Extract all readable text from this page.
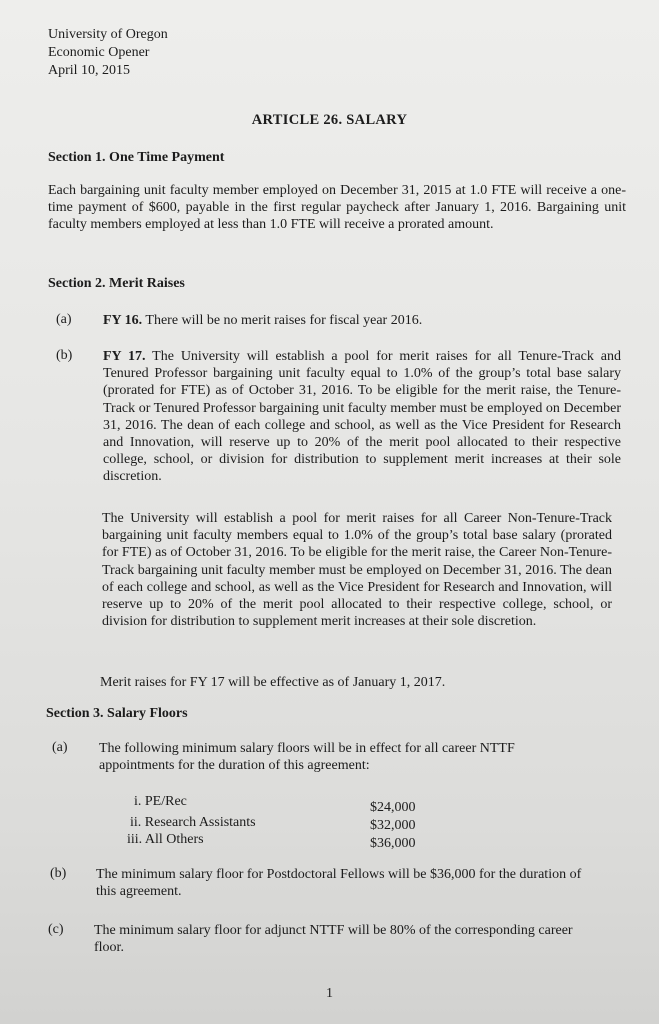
University of Oregon
Economic Opener
April 10, 2015
ARTICLE 26. SALARY
Section 1. One Time Payment
Each bargaining unit faculty member employed on December 31, 2015 at 1.0 FTE will receive a one-time payment of $600, payable in the first regular paycheck after January 1, 2016. Bargaining unit faculty members employed at less than 1.0 FTE will receive a prorated amount.
Section 2. Merit Raises
(a) FY 16. There will be no merit raises for fiscal year 2016.
(b) FY 17. The University will establish a pool for merit raises for all Tenure-Track and Tenured Professor bargaining unit faculty equal to 1.0% of the group’s total base salary (prorated for FTE) as of October 31, 2016. To be eligible for the merit raise, the Tenure-Track or Tenured Professor bargaining unit faculty member must be employed on December 31, 2016. The dean of each college and school, as well as the Vice President for Research and Innovation, will reserve up to 20% of the merit pool allocated to their respective college, school, or division for distribution to supplement merit increases at their sole discretion.
The University will establish a pool for merit raises for all Career Non-Tenure-Track bargaining unit faculty members equal to 1.0% of the group’s total base salary (prorated for FTE) as of October 31, 2016. To be eligible for the merit raise, the Career Non-Tenure-Track bargaining unit faculty member must be employed on December 31, 2016. The dean of each college and school, as well as the Vice President for Research and Innovation, will reserve up to 20% of the merit pool allocated to their respective college, school, or division for distribution to supplement merit increases at their sole discretion.
Merit raises for FY 17 will be effective as of January 1, 2017.
Section 3. Salary Floors
(a) The following minimum salary floors will be in effect for all career NTTF appointments for the duration of this agreement:
i. PE/Rec	$24,000
ii. Research Assistants	$32,000
iii. All Others	$36,000
(b) The minimum salary floor for Postdoctoral Fellows will be $36,000 for the duration of this agreement.
(c) The minimum salary floor for adjunct NTTF will be 80% of the corresponding career floor.
1
